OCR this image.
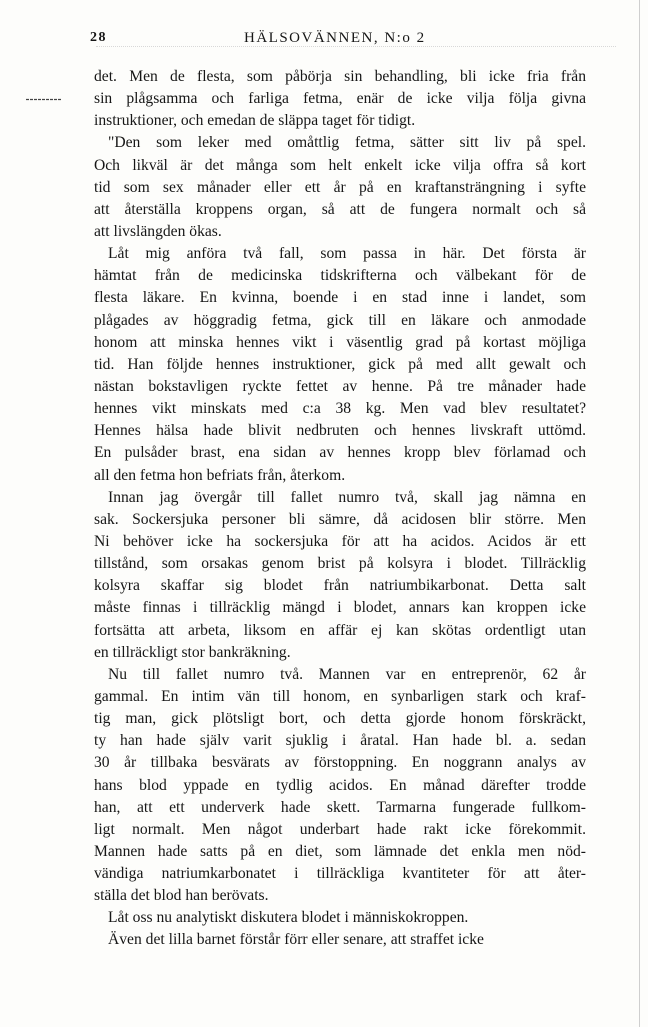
28	HÄLSOVÄNNEN, N:o 2
det. Men de flesta, som påbörja sin behandling, bli icke fria från
sin plågsamma och farliga fetma, enär de icke vilja följa givna
instruktioner, och emedan de släppa taget för tidigt.
"Den som leker med omåttlig fetma, sätter sitt liv på spel.
Och likväl är det många som helt enkelt icke vilja offra så kort
tid som sex månader eller ett år på en kraftansträngning i syfte
att återställa kroppens organ, så att de fungera normalt och så
att livslängden ökas.
Låt mig anföra två fall, som passa in här. Det första är
hämtat från de medicinska tidskrifterna och välbekant för de
flesta läkare. En kvinna, boende i en stad inne i landet, som
plågades av höggradig fetma, gick till en läkare och anmodade
honom att minska hennes vikt i väsentlig grad på kortast möjliga
tid. Han följde hennes instruktioner, gick på med allt gewalt och
nästan bokstavligen ryckte fettet av henne. På tre månader hade
hennes vikt minskats med c:a 38 kg. Men vad blev resultatet?
Hennes hälsa hade blivit nedbruten och hennes livskraft uttömd.
En pulsåder brast, ena sidan av hennes kropp blev förlamad och
all den fetma hon befriats från, återkom.
Innan jag övergår till fallet numro två, skall jag nämna en
sak. Sockersjuka personer bli sämre, då acidosen blir större. Men
Ni behöver icke ha sockersjuka för att ha acidos. Acidos är ett
tillstånd, som orsakas genom brist på kolsyra i blodet. Tillräcklig
kolsyra skaffar sig blodet från natriumbikarbonat. Detta salt
måste finnas i tillräcklig mängd i blodet, annars kan kroppen icke
fortsätta att arbeta, liksom en affär ej kan skötas ordentligt utan
en tillräckligt stor bankräkning.
Nu till fallet numro två. Mannen var en entreprenör, 62 år
gammal. En intim vän till honom, en synbarligen stark och kraf-
tig man, gick plötsligt bort, och detta gjorde honom förskräckt,
ty han hade själv varit sjuklig i åratal. Han hade bl. a. sedan
30 år tillbaka besvärats av förstoppning. En noggrann analys av
hans blod yppade en tydlig acidos. En månad därefter trodde
han, att ett underverk hade skett. Tarmarna fungerade fullkom-
ligt normalt. Men något underbart hade rakt icke förekommit.
Mannen hade satts på en diet, som lämnade det enkla men nöd-
vändiga natriumkarbonatet i tillräckliga kvantiteter för att åter-
ställa det blod han berövats.
Låt oss nu analytiskt diskutera blodet i människokroppen.
Även det lilla barnet förstår förr eller senare, att straffet icke
